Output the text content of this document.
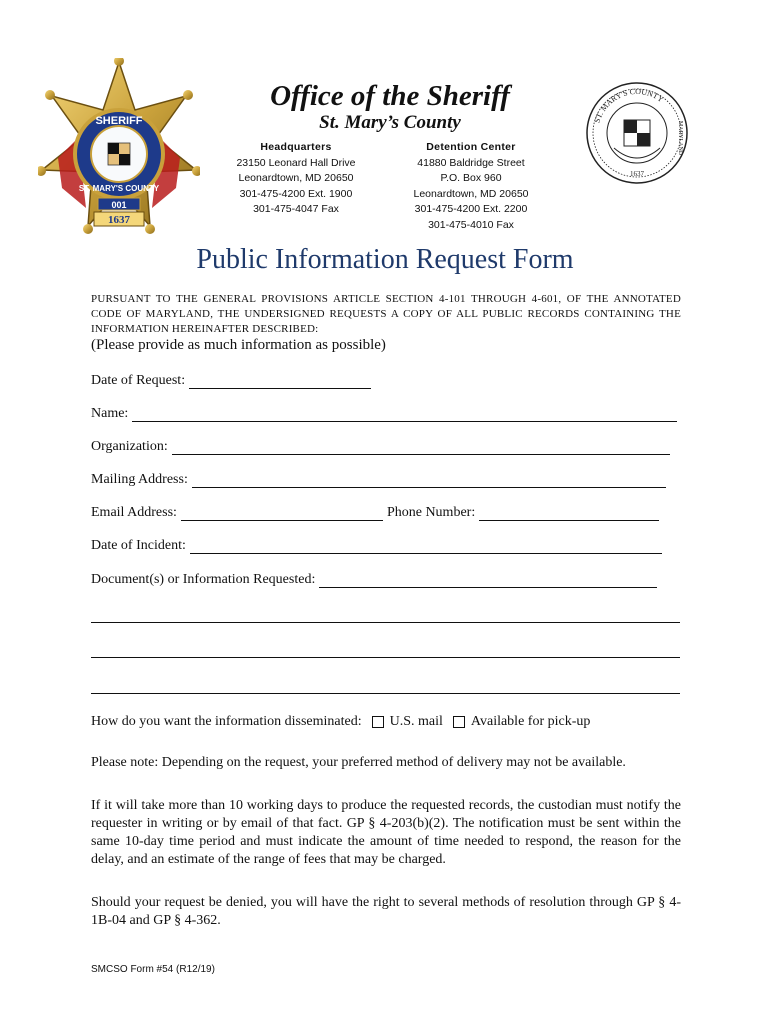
SHERIFF
ST. MARY'S COUNTY
001
1637
ST. MARY'S COUNTY
1637
MARYLAND
Office of the Sheriff
St. Mary’s County
Headquarters
23150 Leonard Hall Drive
Leonardtown, MD 20650
301-475-4200 Ext. 1900
301-475-4047 Fax
Detention Center
41880 Baldridge Street
P.O. Box 960
Leonardtown, MD 20650
301-475-4200 Ext. 2200
301-475-4010 Fax
Public Information Request Form
PURSUANT TO THE GENERAL PROVISIONS ARTICLE SECTION 4-101 THROUGH 4-601, OF THE ANNOTATED CODE OF MARYLAND, THE UNDERSIGNED REQUESTS A COPY OF ALL PUBLIC RECORDS CONTAINING THE INFORMATION HEREINAFTER DESCRIBED:
(Please provide as much information as possible)
Date of Request:
Name:
Organization:
Mailing Address:
Email Address:	Phone Number:
Date of Incident:
Document(s) or Information Requested:
How do you want the information disseminated: U.S. mail Available for pick-up
Please note: Depending on the request, your preferred method of delivery may not be available.
If it will take more than 10 working days to produce the requested records, the custodian must notify the requester in writing or by email of that fact. GP § 4-203(b)(2). The notification must be sent within the same 10-day time period and must indicate the amount of time needed to respond, the reason for the delay, and an estimate of the range of fees that may be charged.
Should your request be denied, you will have the right to several methods of resolution through GP § 4-1B-04 and GP § 4-362.
SMCSO Form #54 (R12/19)
